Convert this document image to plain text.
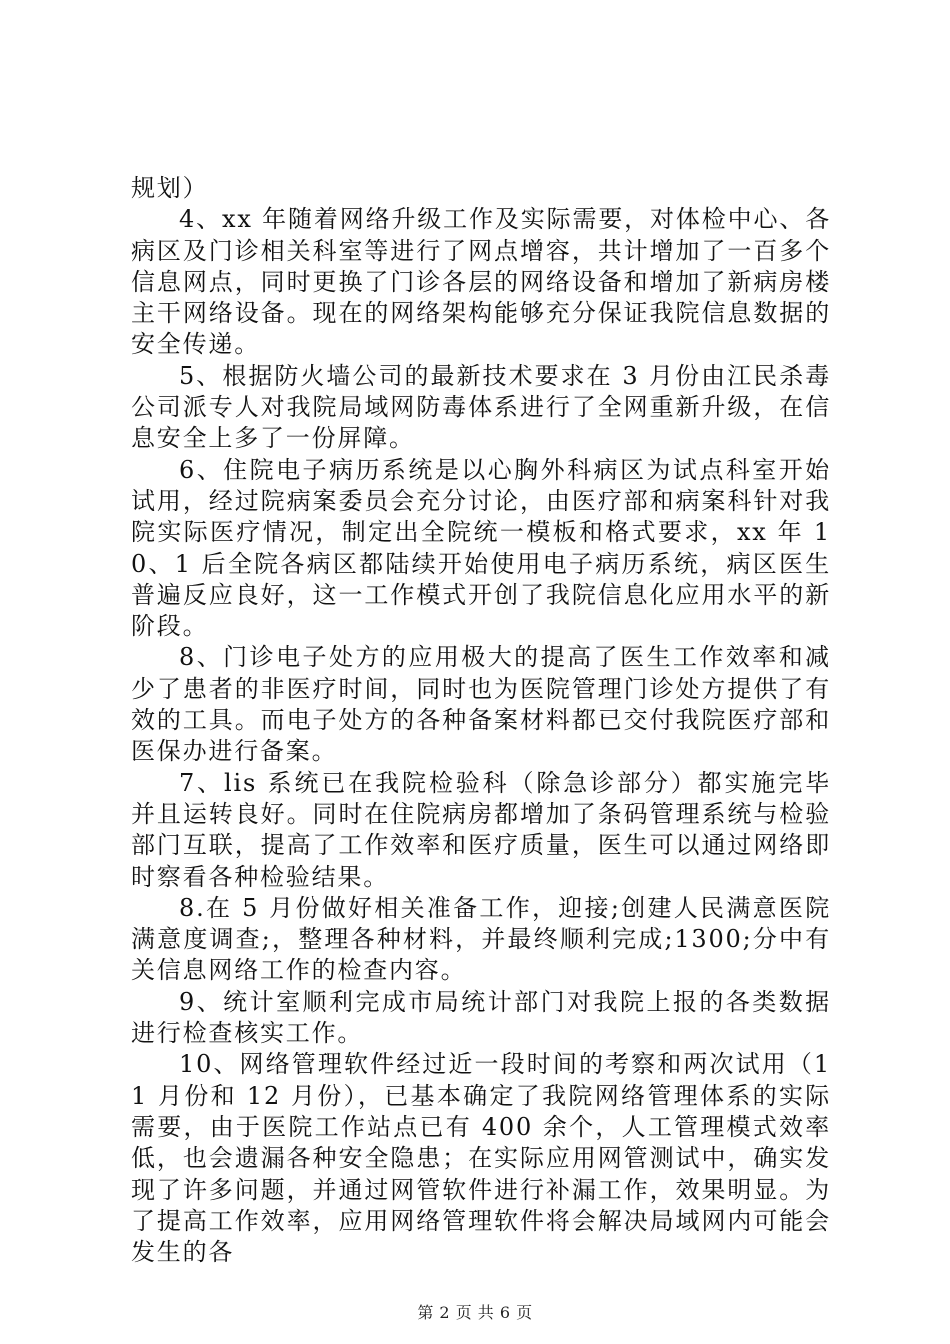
规划）

4、xx 年随着网络升级工作及实际需要，对体检中心、各病区及门诊相关科室等进行了网点增容，共计增加了一百多个信息网点，同时更换了门诊各层的网络设备和增加了新病房楼主干网络设备。现在的网络架构能够充分保证我院信息数据的安全传递。

5、根据防火墙公司的最新技术要求在 3 月份由江民杀毒公司派专人对我院局域网防毒体系进行了全网重新升级，在信息安全上多了一份屏障。

6、住院电子病历系统是以心胸外科病区为试点科室开始试用，经过院病案委员会充分讨论，由医疗部和病案科针对我院实际医疗情况，制定出全院统一模板和格式要求，xx 年 10、1 后全院各病区都陆续开始使用电子病历系统，病区医生普遍反应良好，这一工作模式开创了我院信息化应用水平的新阶段。

8、门诊电子处方的应用极大的提高了医生工作效率和减少了患者的非医疗时间，同时也为医院管理门诊处方提供了有效的工具。而电子处方的各种备案材料都已交付我院医疗部和医保办进行备案。

7、lis 系统已在我院检验科（除急诊部分）都实施完毕并且运转良好。同时在住院病房都增加了条码管理系统与检验部门互联，提高了工作效率和医疗质量，医生可以通过网络即时察看各种检验结果。

8.在 5 月份做好相关准备工作，迎接;创建人民满意医院满意度调查;，整理各种材料，并最终顺利完成;1300;分中有关信息网络工作的检查内容。

9、统计室顺利完成市局统计部门对我院上报的各类数据进行检查核实工作。

10、网络管理软件经过近一段时间的考察和两次试用（11 月份和 12 月份），已基本确定了我院网络管理体系的实际需要，由于医院工作站点已有 400 余个，人工管理模式效率低，也会遗漏各种安全隐患；在实际应用网管测试中，确实发现了许多问题，并通过网管软件进行补漏工作，效果明显。为了提高工作效率，应用网络管理软件将会解决局域网内可能会发生的各

第 2 页 共 6 页
